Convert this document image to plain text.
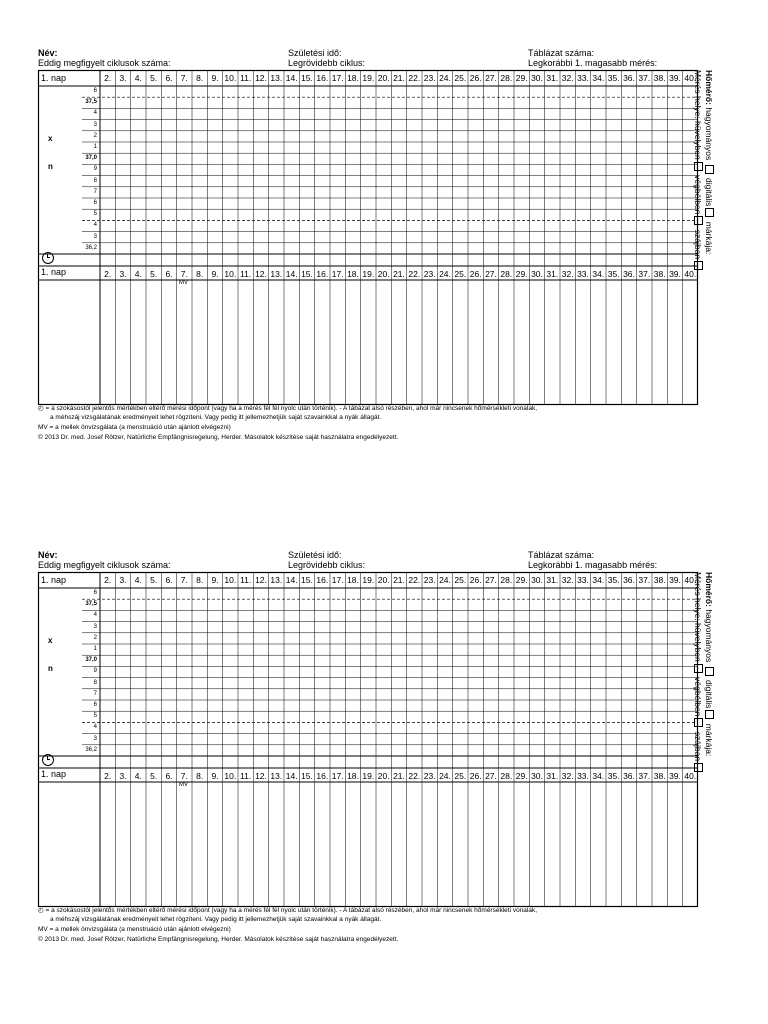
Név:
Eddig megfigyelt ciklusok száma:
Születési idő:
Legrövidebb ciklus:
Táblázat száma:
Legkorábbi 1. magasabb mérés:
1. nap
1. nap
x
n
MV
2. 3. 4. 5. 6. 7. 8. 9. 10. 11. 12. 13. 14. 15. 16. 17. 18. 19. 20. 21. 22. 23. 24. 25. 26. 27. 28. 29. 30. 31. 32. 33. 34. 35. 36. 37. 38. 39. 40.
2. 3. 4. 5. 6. 7. 8. 9. 10. 11. 12. 13. 14. 15. 16. 17. 18. 19. 20. 21. 22. 23. 24. 25. 26. 27. 28. 29. 30. 31. 32. 33. 34. 35. 36. 37. 38. 39. 40.
6
37,5
4
3
2
1
37,0
9
8
7
6
5
4
3
36,2
Hőmérő: hagyományos  digitális márkája:
Mérés helye: hüvelyben végbélben szájban
◴ = a szokásostól jelentős mértékben eltérő mérési időpont (vagy ha a mérés fél fél nyolc után történik). - A tábázat alsó részében, ahol már nincsenek hőmérsékleti vonalak,
a méhszáj vizsgálatának eredményeit lehet rögzíteni. Vagy pedig itt jellemezhetjük saját szavainkkal a nyák állagát.
MV = a mellek önvizsgálata (a menstruáció után ajánlott elvégezni)
© 2013 Dr. med. Josef Rötzer, Natürliche Empfängnisregelung, Herder. Másolatok készítése saját használatra engedélyezett.
Név:
Eddig megfigyelt ciklusok száma:
Születési idő:
Legrövidebb ciklus:
Táblázat száma:
Legkorábbi 1. magasabb mérés:
1. nap
1. nap
x
n
MV
2. 3. 4. 5. 6. 7. 8. 9. 10. 11. 12. 13. 14. 15. 16. 17. 18. 19. 20. 21. 22. 23. 24. 25. 26. 27. 28. 29. 30. 31. 32. 33. 34. 35. 36. 37. 38. 39. 40.
2. 3. 4. 5. 6. 7. 8. 9. 10. 11. 12. 13. 14. 15. 16. 17. 18. 19. 20. 21. 22. 23. 24. 25. 26. 27. 28. 29. 30. 31. 32. 33. 34. 35. 36. 37. 38. 39. 40.
6
37,5
4
3
2
1
37,0
9
8
7
6
5
4
3
36,2
Hőmérő: hagyományos  digitális márkája:
Mérés helye: hüvelyben végbélben szájban
◴ = a szokásostól jelentős mértékben eltérő mérési időpont (vagy ha a mérés fél fél nyolc után történik). - A tábázat alsó részében, ahol már nincsenek hőmérsékleti vonalak,
a méhszáj vizsgálatának eredményeit lehet rögzíteni. Vagy pedig itt jellemezhetjük saját szavainkkal a nyák állagát.
MV = a mellek önvizsgálata (a menstruáció után ajánlott elvégezni)
© 2013 Dr. med. Josef Rötzer, Natürliche Empfängnisregelung, Herder. Másolatok készítése saját használatra engedélyezett.
